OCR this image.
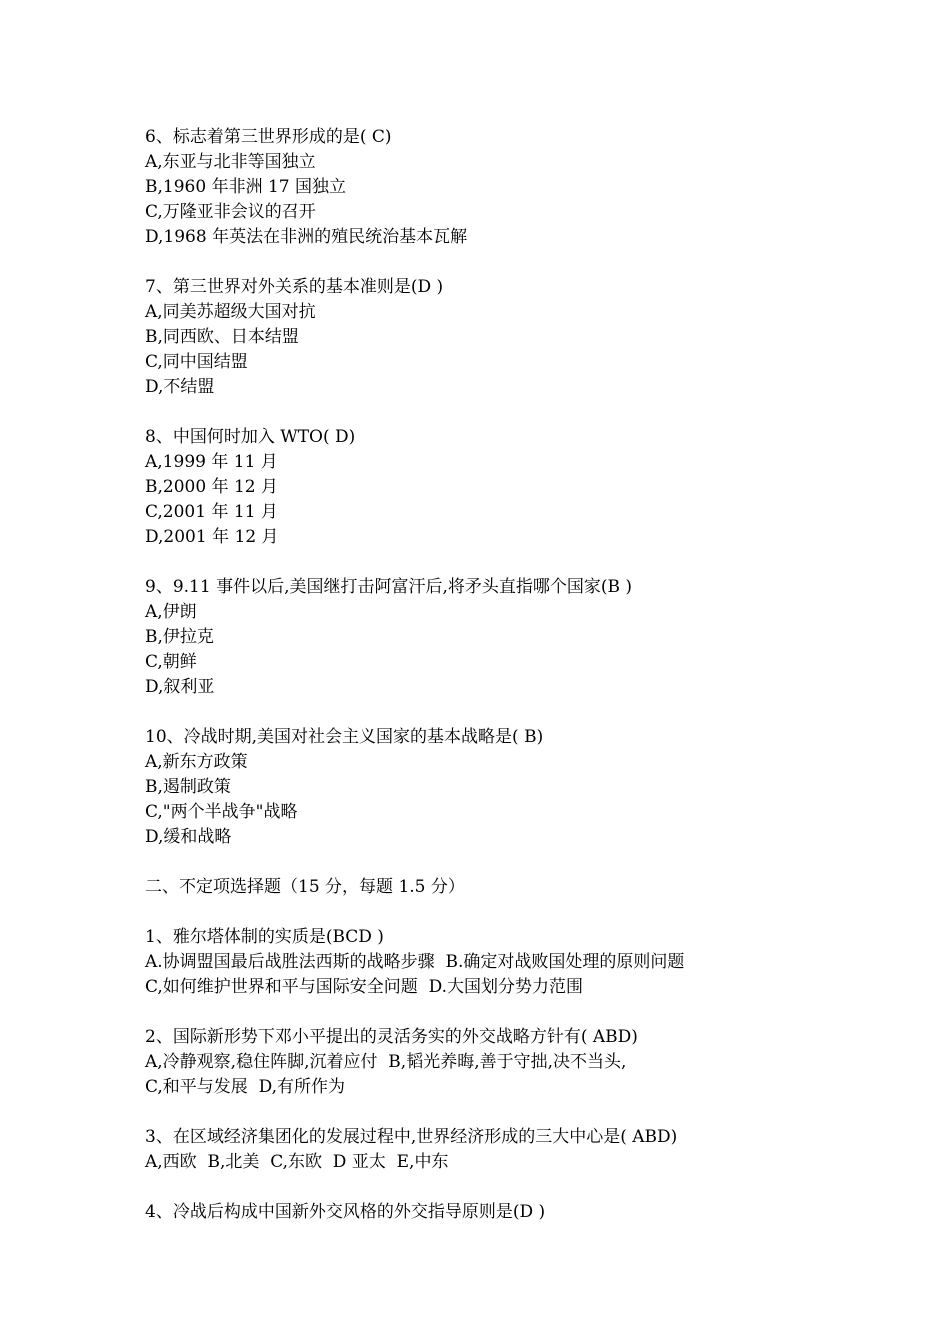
6、标志着第三世界形成的是( C)
A,东亚与北非等国独立
B,1960 年非洲 17 国独立
C,万隆亚非会议的召开
D,1968 年英法在非洲的殖民统治基本瓦解
7、第三世界对外关系的基本准则是(D )
A,同美苏超级大国对抗
B,同西欧、日本结盟
C,同中国结盟
D,不结盟
8、中国何时加入 WTO( D)
A,1999 年 11 月
B,2000 年 12 月
C,2001 年 11 月
D,2001 年 12 月
9、9.11 事件以后,美国继打击阿富汗后,将矛头直指哪个国家(B )
A,伊朗
B,伊拉克
C,朝鲜
D,叙利亚
10、冷战时期,美国对社会主义国家的基本战略是( B)
A,新东方政策
B,遏制政策
C,"两个半战争"战略
D,缓和战略
二、不定项选择题（15 分，每题 1.5 分）
1、雅尔塔体制的实质是(BCD )
A.协调盟国最后战胜法西斯的战略步骤  B.确定对战败国处理的原则问题
C,如何维护世界和平与国际安全问题  D.大国划分势力范围
2、国际新形势下邓小平提出的灵活务实的外交战略方针有( ABD)
A,冷静观察,稳住阵脚,沉着应付  B,韬光养晦,善于守拙,决不当头,
C,和平与发展  D,有所作为
3、在区域经济集团化的发展过程中,世界经济形成的三大中心是( ABD)
A,西欧  B,北美  C,东欧  D 亚太  E,中东
4、冷战后构成中国新外交风格的外交指导原则是(D )
